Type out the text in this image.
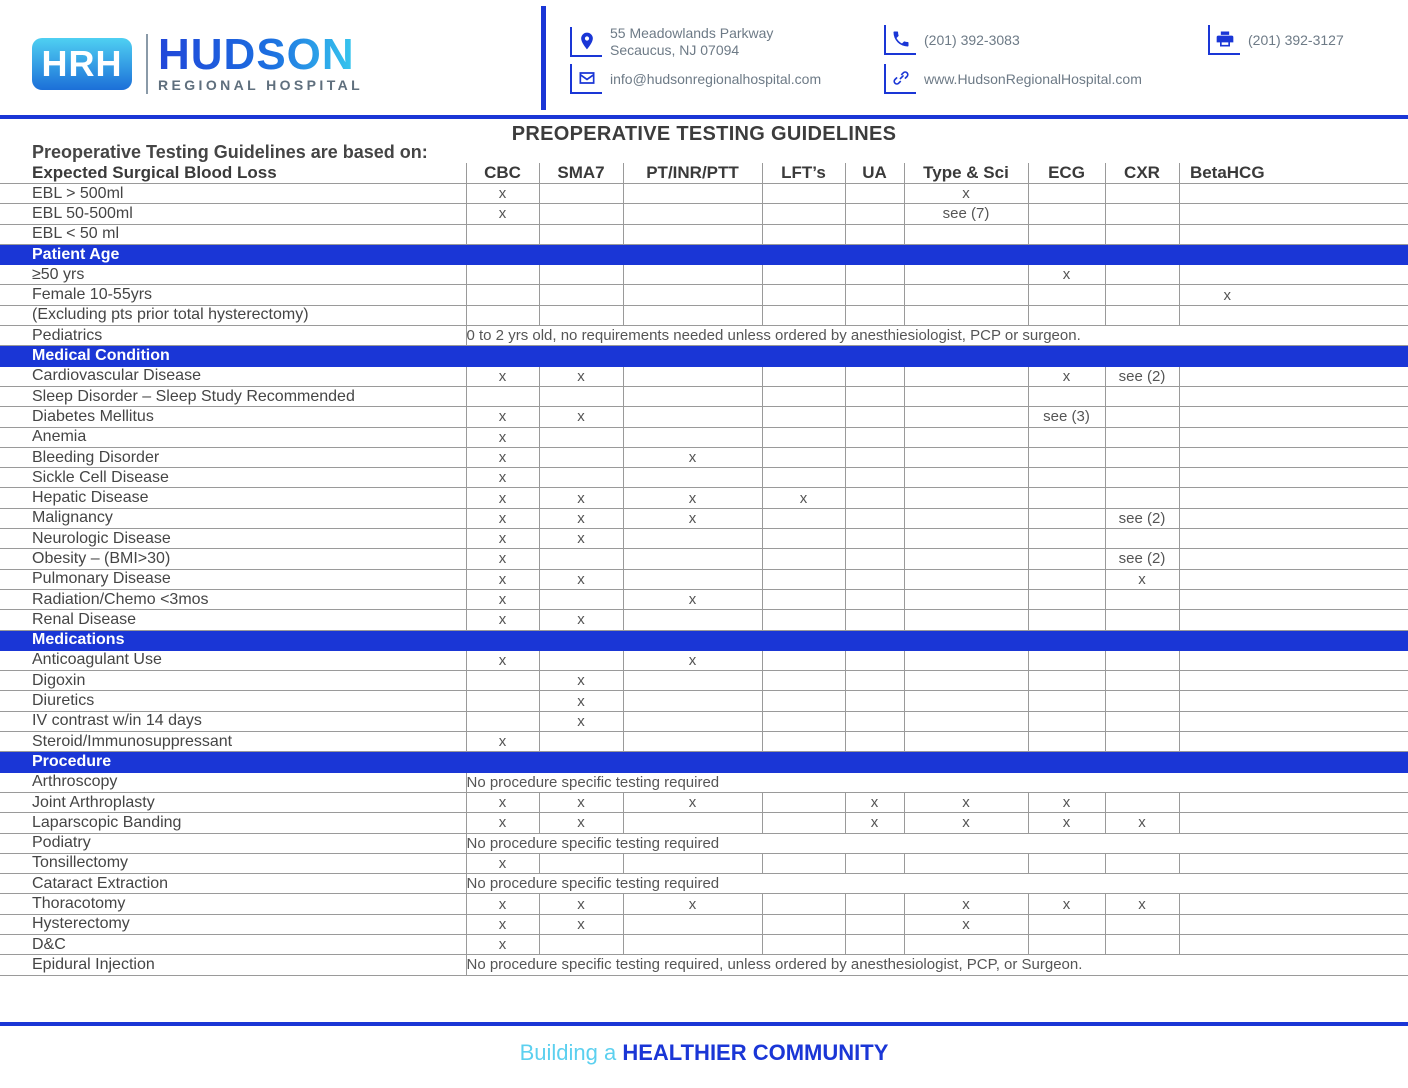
HRH HUDSON
REGIONAL HOSPITAL
55 Meadowlands Parkway
Secaucus, NJ 07094
(201) 392-3083	(201) 392-3127
info@hudsonregionalhospital.com	www.HudsonRegionalHospital.com
PREOPERATIVE TESTING GUIDELINES
Preoperative Testing Guidelines are based on:										
Expected Surgical Blood Loss	CBC	SMA7	PT/INR/PTT	LFT’s	UA	Type & Sci	ECG	CXR	BetaHCG	
EBL > 500ml	x					x				
EBL 50-500ml	x					see (7)				
EBL < 50 ml										
Patient Age										
≥50 yrs							x			
Female 10-55yrs									x	
(Excluding pts prior total hysterectomy)										
Pediatrics	0 to 2 yrs old, no requirements needed unless ordered by anesthiesiologist, PCP or surgeon.									
Medical Condition										
Cardiovascular Disease	x	x					x	see (2)		
Sleep Disorder – Sleep Study Recommended										
Diabetes Mellitus	x	x					see (3)			
Anemia	x									
Bleeding Disorder	x		x							
Sickle Cell Disease	x									
Hepatic Disease	x	x	x	x						
Malignancy	x	x	x					see (2)		
Neurologic Disease	x	x								
Obesity – (BMI>30)	x							see (2)		
Pulmonary Disease	x	x						x		
Radiation/Chemo <3mos	x		x							
Renal Disease	x	x								
Medications										
Anticoagulant Use	x		x							
Digoxin		x								
Diuretics		x								
IV contrast w/in 14 days		x								
Steroid/Immunosuppressant	x									
Procedure										
Arthroscopy	No procedure specific testing required									
Joint Arthroplasty	x	x	x		x	x	x			
Laparscopic Banding	x	x			x	x	x	x		
Podiatry	No procedure specific testing required									
Tonsillectomy	x									
Cataract Extraction	No procedure specific testing required									
Thoracotomy	x	x	x			x	x	x		
Hysterectomy	x	x				x				
D&C	x									
Epidural Injection	No procedure specific testing required, unless ordered by anesthesiologist, PCP, or Surgeon.									
Building a HEALTHIER COMMUNITY
